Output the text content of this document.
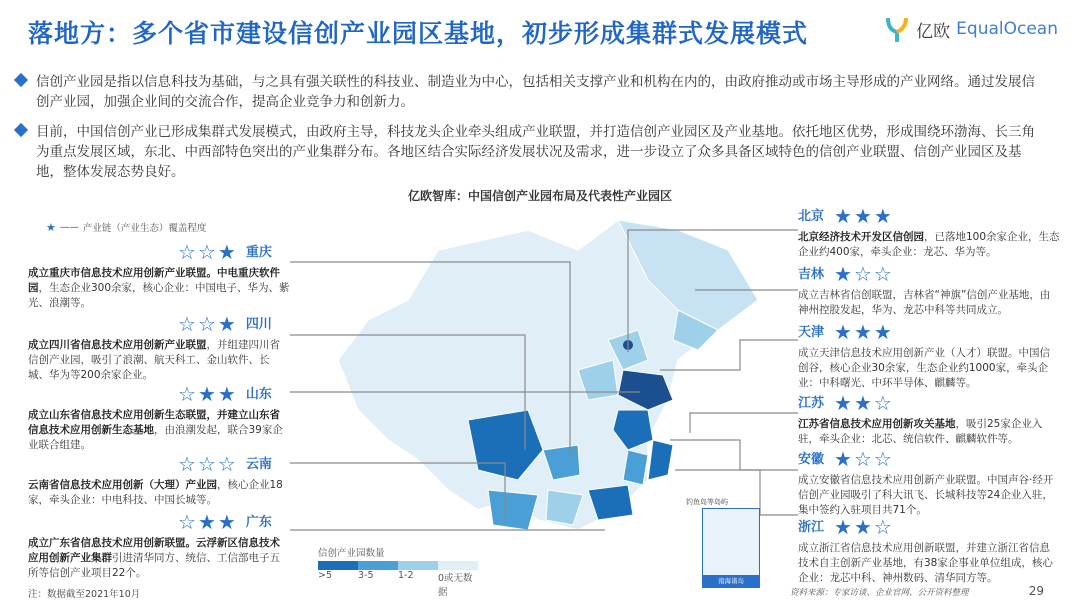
落地方：多个省市建设信创产业园区基地，初步形成集群式发展模式	亿欧 EqualOcean
信创产业园是指以信息科技为基础，与之具有强关联性的科技业、制造业为中心，包括相关支撑产业和机构在内的，由政府推动或市场主导形成的产业网络。通过发展信创产业园，加强企业间的交流合作，提高企业竞争力和创新力。
目前，中国信创产业已形成集群式发展模式，由政府主导，科技龙头企业牵头组成产业联盟，并打造信创产业园区及产业基地。依托地区优势，形成围绕环渤海、长三角为重点发展区域，东北、中西部特色突出的产业集群分布。各地区结合实际经济发展状况及需求，进一步设立了众多具备区域特色的信创产业联盟、信创产业园区及基地，整体发展态势良好。
亿欧智库：中国信创产业园布局及代表性产业园区
★ —— 产业链（产业生态）覆盖程度
钓鱼岛等岛屿
南海诸岛
☆ ☆ ★ 重庆
成立重庆市信息技术应用创新产业联盟。中电重庆软件园，生态企业300余家，核心企业：中国电子、华为、紫光、浪潮等。
☆ ☆ ★ 四川
成立四川省信息技术应用创新产业联盟，并组建四川省信创产业园，吸引了浪潮、航天科工、金山软件、长城、华为等200余家企业。
☆ ★ ★ 山东
成立山东省信息技术应用创新生态联盟，并建立山东省信息技术应用创新生态基地，由浪潮发起，联合39家企业联合组建。
☆ ☆ ☆ 云南
云南省信息技术应用创新（大理）产业园，核心企业18家，牵头企业：中电科技、中国长城等。
☆ ★ ★ 广东
成立广东省信息技术应用创新联盟。云浮新区信息技术应用创新产业集群引进清华同方、统信、工信部电子五所等信创产业项目22个。
北京 ★ ★ ★
北京经济技术开发区信创园，已落地100余家企业，生态企业约400家，牵头企业：龙芯、华为等。
吉林 ★ ☆ ☆
成立吉林省信创联盟，吉林省“神旗”信创产业基地，由神州控股发起，华为、龙芯中科等共同成立。
天津 ★ ★ ★
成立天津信息技术应用创新产业（人才）联盟。中国信创谷，核心企业30余家，生态企业约1000家，牵头企业：中科曙光、中环半导体、麒麟等。
江苏 ★ ★ ☆
江苏省信息技术应用创新攻关基地，吸引25家企业入驻，牵头企业：北芯、统信软件、麒麟软件等。
安徽 ★ ☆ ☆
成立安徽省信息技术应用创新产业联盟。中国声谷·经开信创产业园吸引了科大讯飞、长城科技等24企业入驻，集中签约入驻项目共71个。
浙江 ★ ★ ☆
成立浙江省信息技术应用创新联盟，并建立浙江省信息技术自主创新产业基地，有38家企事业单位组成，核心企业：龙芯中科、神州数码、清华同方等。
信创产业园数量
>5	3-5	1-2	0或无数据
注：数据截至2021年10月	资料来源：专家访谈、企业官网、公开资料整理	29
